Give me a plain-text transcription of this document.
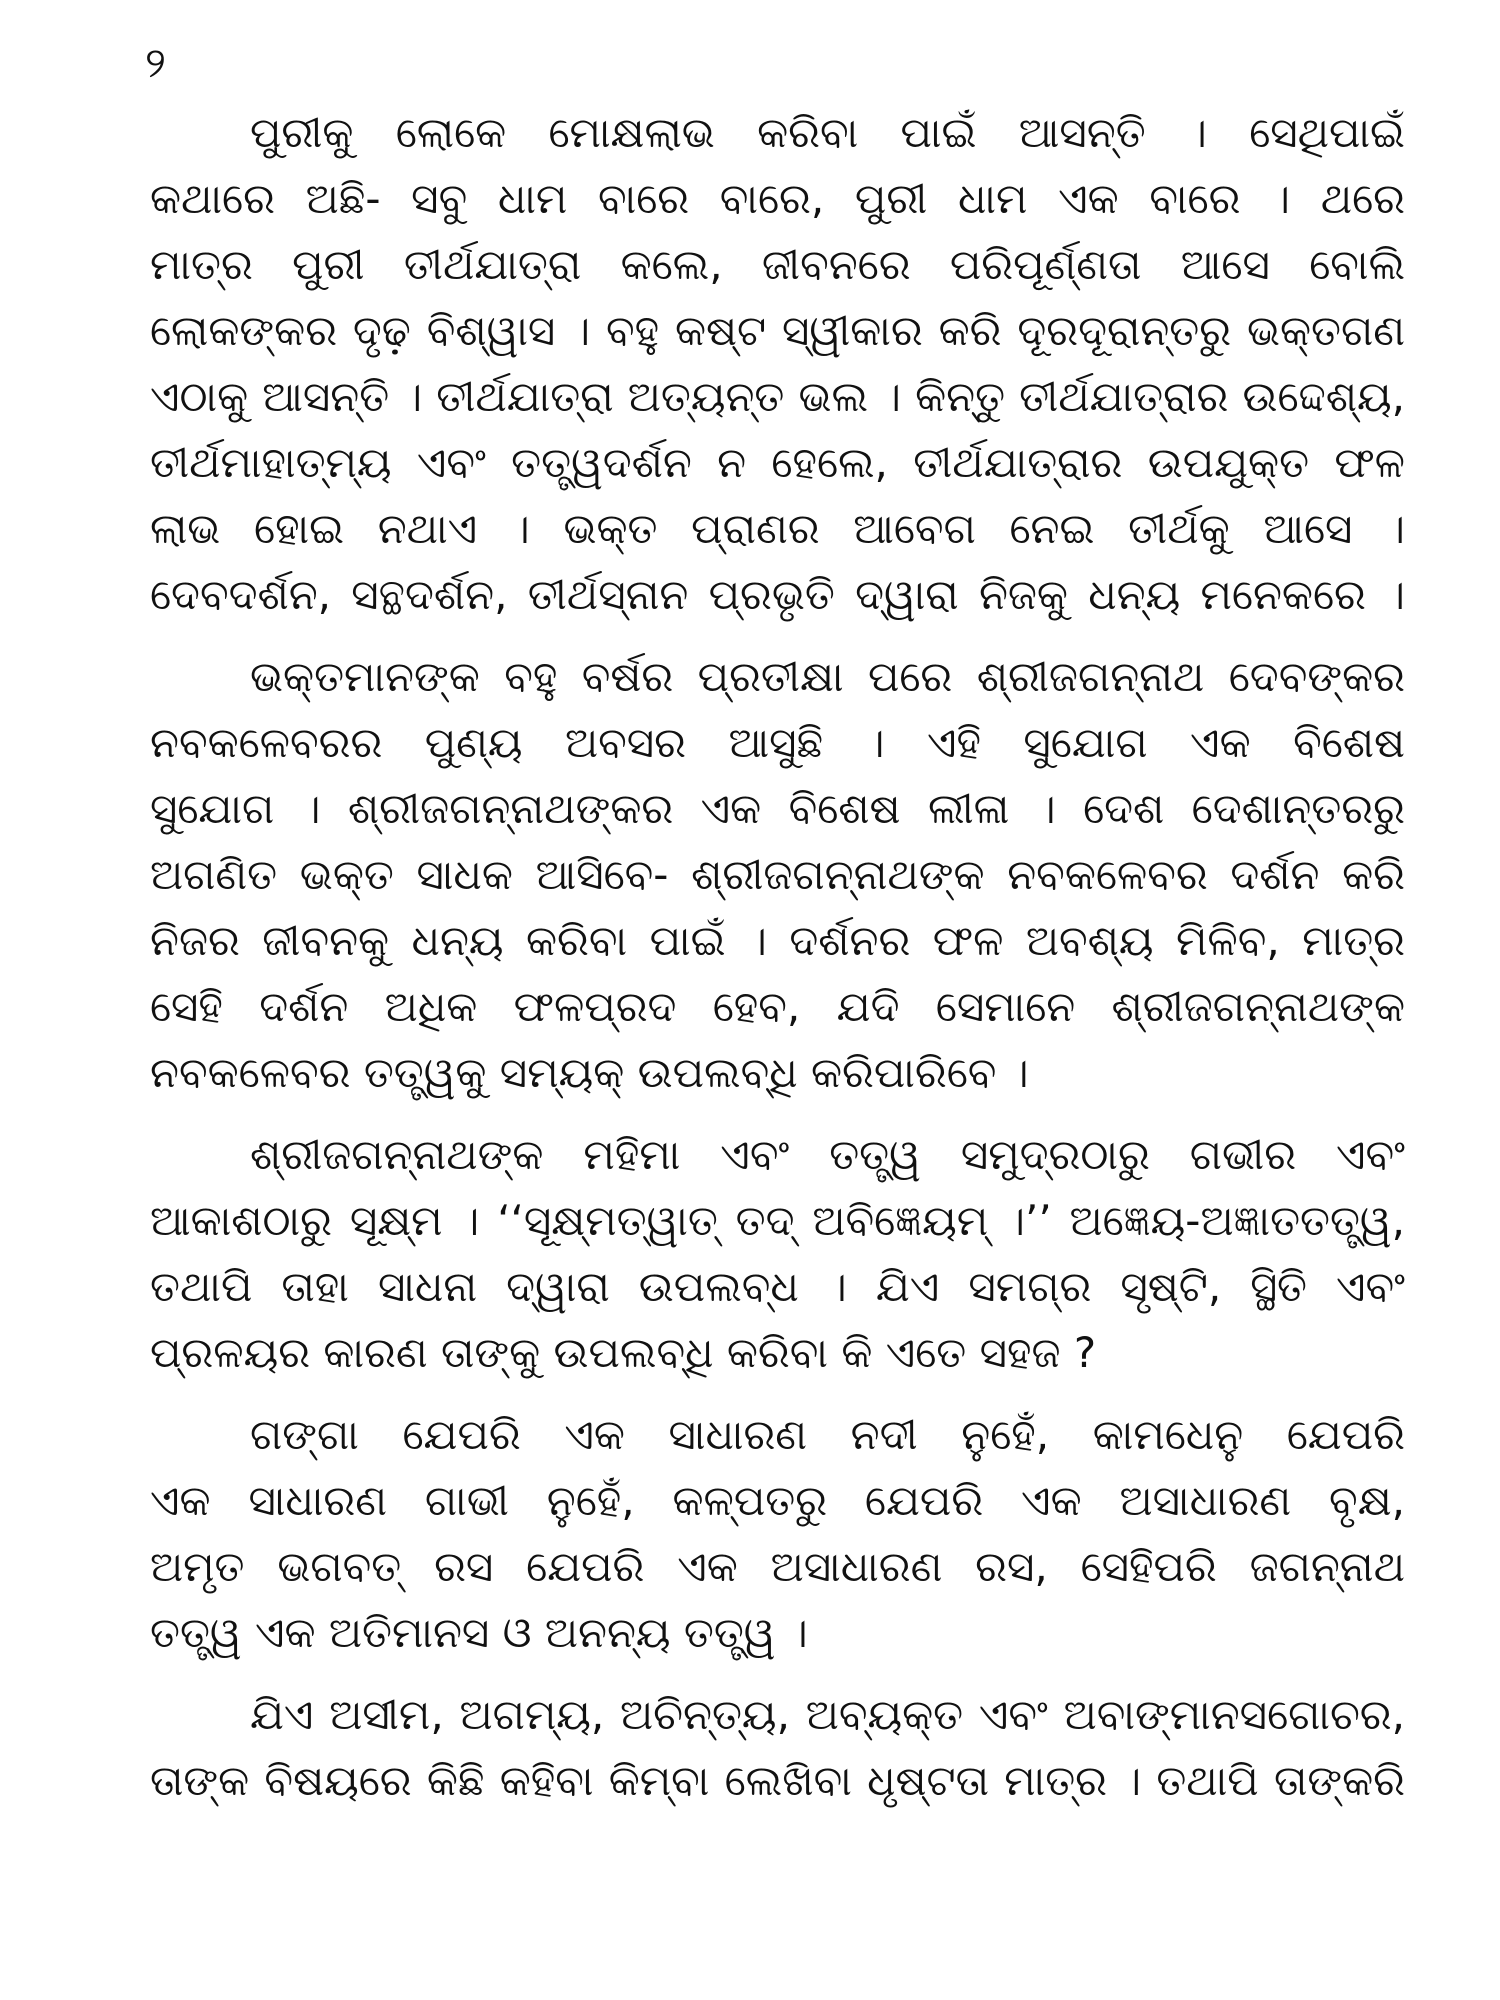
୨
ପୁରୀକୁ ଲୋକେ ମୋକ୍ଷଲାଭ କରିବା ପାଇଁ ଆସନ୍ତି । ସେଥିପାଇଁ
କଥାରେ ଅଛି- ସବୁ ଧାମ ବାରେ ବାରେ, ପୁରୀ ଧାମ ଏକ ବାରେ । ଥରେ
ମାତ୍ର ପୁରୀ ତୀର୍ଥଯାତ୍ରା କଲେ, ଜୀବନରେ ପରିପୂର୍ଣ୍ଣତା ଆସେ ବୋଲି
ଲୋକଙ୍କର ଦୃଢ଼ ବିଶ୍ୱାସ । ବହୁ କଷ୍ଟ ସ୍ୱୀକାର କରି ଦୂରଦୂରାନ୍ତରୁ ଭକ୍ତଗଣ
ଏଠାକୁ ଆସନ୍ତି । ତୀର୍ଥଯାତ୍ରା ଅତ୍ୟନ୍ତ ଭଲ । କିନ୍ତୁ ତୀର୍ଥଯାତ୍ରାର ଉଦ୍ଦେଶ୍ୟ,
ତୀର୍ଥମାହାତ୍ମ୍ୟ ଏବଂ ତତ୍ତ୍ୱଦର୍ଶନ ନ ହେଲେ, ତୀର୍ଥଯାତ୍ରାର ଉପଯୁକ୍ତ ଫଳ
ଲାଭ ହୋଇ ନଥାଏ । ଭକ୍ତ ପ୍ରାଣର ଆବେଗ ନେଇ ତୀର୍ଥକୁ ଆସେ ।
ଦେବଦର୍ଶନ, ସନ୍ଥଦର୍ଶନ, ତୀର୍ଥସ୍ନାନ ପ୍ରଭୃତି ଦ୍ୱାରା ନିଜକୁ ଧନ୍ୟ ମନେକରେ ।
ଭକ୍ତମାନଙ୍କ ବହୁ ବର୍ଷର ପ୍ରତୀକ୍ଷା ପରେ ଶ୍ରୀଜଗନ୍ନାଥ ଦେବଙ୍କର
ନବକଳେବରର ପୁଣ୍ୟ ଅବସର ଆସୁଛି । ଏହି ସୁଯୋଗ ଏକ ବିଶେଷ
ସୁଯୋଗ । ଶ୍ରୀଜଗନ୍ନାଥଙ୍କର ଏକ ବିଶେଷ ଲୀଳା । ଦେଶ ଦେଶାନ୍ତରରୁ
ଅଗଣିତ ଭକ୍ତ ସାଧକ ଆସିବେ- ଶ୍ରୀଜଗନ୍ନାଥଙ୍କ ନବକଳେବର ଦର୍ଶନ କରି
ନିଜର ଜୀବନକୁ ଧନ୍ୟ କରିବା ପାଇଁ । ଦର୍ଶନର ଫଳ ଅବଶ୍ୟ ମିଳିବ, ମାତ୍ର
ସେହି ଦର୍ଶନ ଅଧିକ ଫଳପ୍ରଦ ହେବ, ଯଦି ସେମାନେ ଶ୍ରୀଜଗନ୍ନାଥଙ୍କ
ନବକଳେବର ତତ୍ତ୍ୱକୁ ସମ୍ୟକ୍ ଉପଲବ୍ଧି କରିପାରିବେ ।
ଶ୍ରୀଜଗନ୍ନାଥଙ୍କ ମହିମା ଏବଂ ତତ୍ତ୍ୱ ସମୁଦ୍ରଠାରୁ ଗଭୀର ଏବଂ
ଆକାଶଠାରୁ ସୂକ୍ଷ୍ମ । ‘‘ସୂକ୍ଷ୍ମତ୍ୱାତ୍ ତଦ୍ ଅବିଜ୍ଞେୟମ୍ ।’’ ଅଜ୍ଞେୟ-ଅଜ୍ଞାତତତ୍ତ୍ୱ,
ତଥାପି ତାହା ସାଧନା ଦ୍ୱାରା ଉପଲବ୍ଧ । ଯିଏ ସମଗ୍ର ସୃଷ୍ଟି, ସ୍ଥିତି ଏବଂ
ପ୍ରଳୟର କାରଣ ତାଙ୍କୁ ଉପଲବ୍ଧି କରିବା କି ଏତେ ସହଜ ?
ଗଙ୍ଗା ଯେପରି ଏକ ସାଧାରଣ ନଦୀ ନୁହେଁ, କାମଧେନୁ ଯେପରି
ଏକ ସାଧାରଣ ଗାଭୀ ନୁହେଁ, କଳ୍ପତରୁ ଯେପରି ଏକ ଅସାଧାରଣ ବୃକ୍ଷ,
ଅମୃତ ଭଗବତ୍ ରସ ଯେପରି ଏକ ଅସାଧାରଣ ରସ, ସେହିପରି ଜଗନ୍ନାଥ
ତତ୍ତ୍ୱ ଏକ ଅତିମାନସ ଓ ଅନନ୍ୟ ତତ୍ତ୍ୱ ।
ଯିଏ ଅସୀମ, ଅଗମ୍ୟ, ଅଚିନ୍ତ୍ୟ, ଅବ୍ୟକ୍ତ ଏବଂ ଅବାଙ୍ମାନସଗୋଚର,
ତାଙ୍କ ବିଷୟରେ କିଛି କହିବା କିମ୍ବା ଲେଖିବା ଧୃଷ୍ଟତା ମାତ୍ର । ତଥାପି ତାଙ୍କରି
